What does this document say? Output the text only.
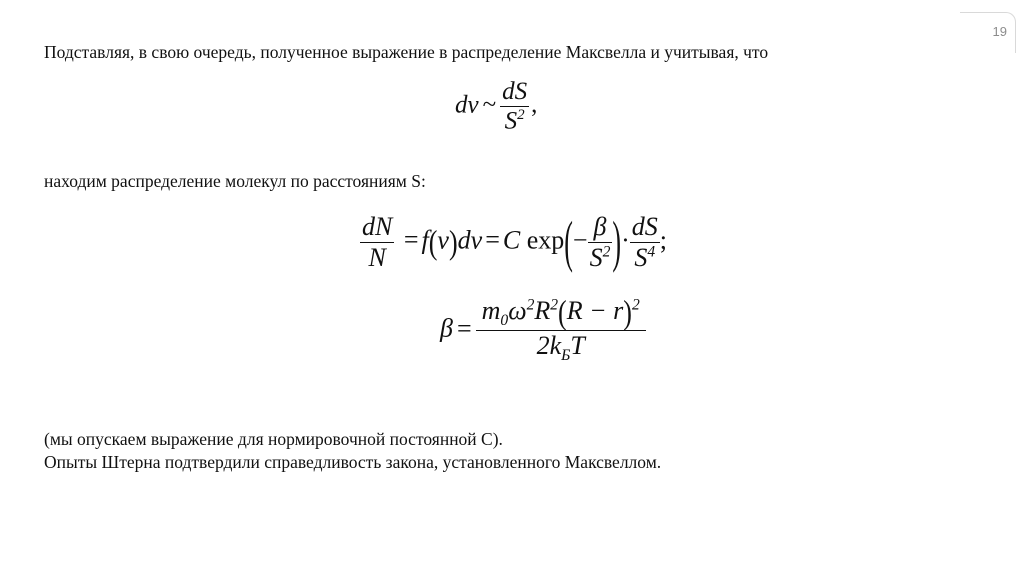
19
Подставляя, в свою очередь, полученное выражение в распределение Максвелла и учитывая, что
dv ~ $\frac{dS}{S^2}$ ,
находим распределение молекул по расстояниям S:
$\frac{dN}{N} = f(v)dv = C$ $\exp(- \frac{\beta}{S^2}$ )· $\frac{dS}{S^4}$ ;
$\beta = \frac{m_0\omega^2R^2(R - r)^2}{2k_БT}$
(мы опускаем выражение для нормировочной постоянной С).
Опыты Штерна подтвердили справедливость закона, установленного Максвеллом.
